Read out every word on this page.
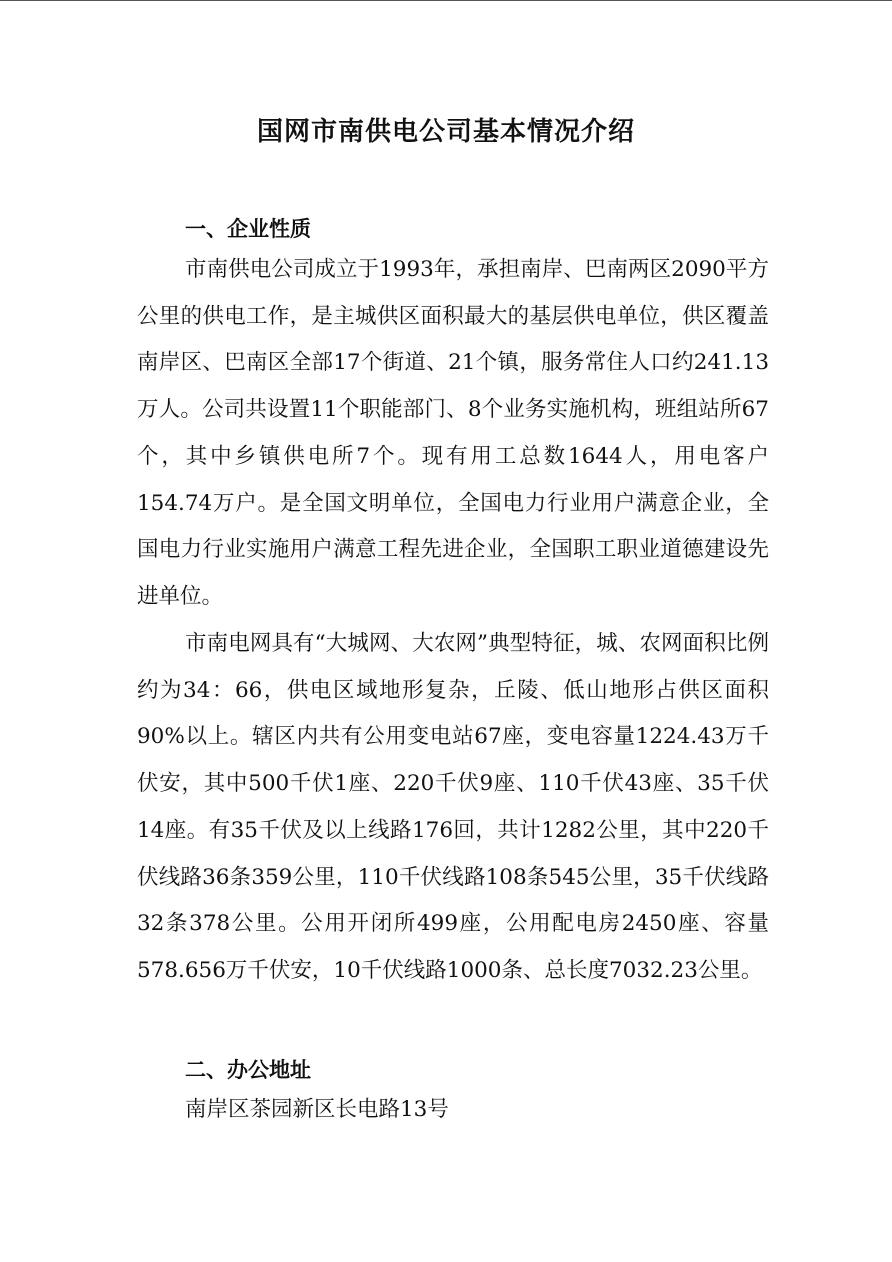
国网市南供电公司基本情况介绍
一、企业性质

市南供电公司成立于1993年，承担南岸、巴南两区2090平方公里的供电工作，是主城供区面积最大的基层供电单位，供区覆盖南岸区、巴南区全部17个街道、21个镇，服务常住人口约241.13万人。公司共设置11个职能部门、8个业务实施机构，班组站所67个，其中乡镇供电所7个。现有用工总数1644人，用电客户154.74万户。是全国文明单位，全国电力行业用户满意企业，全国电力行业实施用户满意工程先进企业，全国职工职业道德建设先进单位。

市南电网具有“大城网、大农网”典型特征，城、农网面积比例约为34：66，供电区域地形复杂，丘陵、低山地形占供区面积90%以上。辖区内共有公用变电站67座，变电容量1224.43万千伏安，其中500千伏1座、220千伏9座、110千伏43座、35千伏14座。有35千伏及以上线路176回，共计1282公里，其中220千伏线路36条359公里，110千伏线路108条545公里，35千伏线路32条378公里。公用开闭所499座，公用配电房2450座、容量578.656万千伏安，10千伏线路1000条、总长度7032.23公里。

二、办公地址
南岸区茶园新区长电路13号
